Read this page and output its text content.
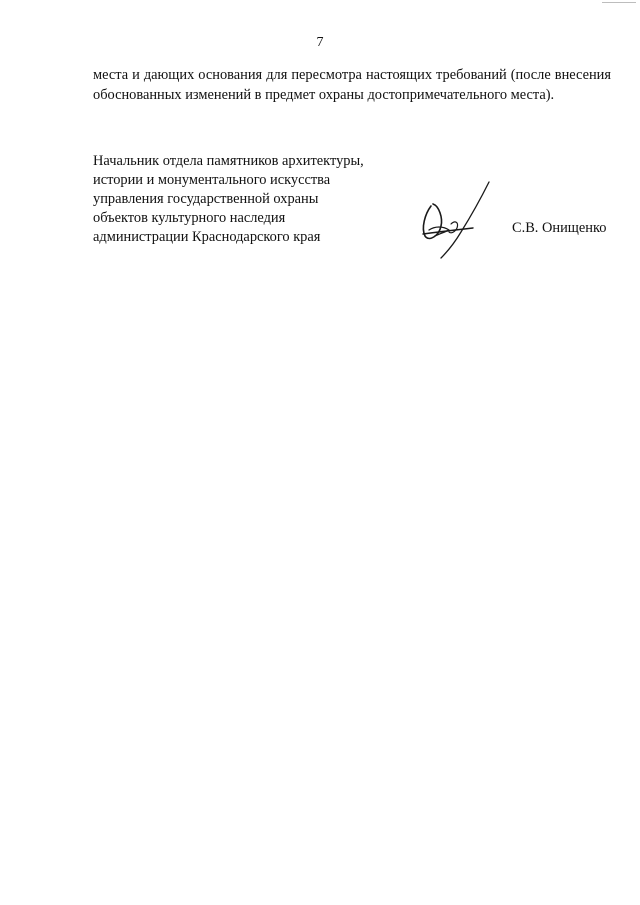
7

места и дающих основания для пересмотра настоящих требований (после внесения обоснованных изменений в предмет охраны достопримечательного места).

Начальник отдела памятников архитектуры,
истории и монументального искусства
управления государственной охраны
объектов культурного наследия
администрации Краснодарского края
С.В. Онищенко
